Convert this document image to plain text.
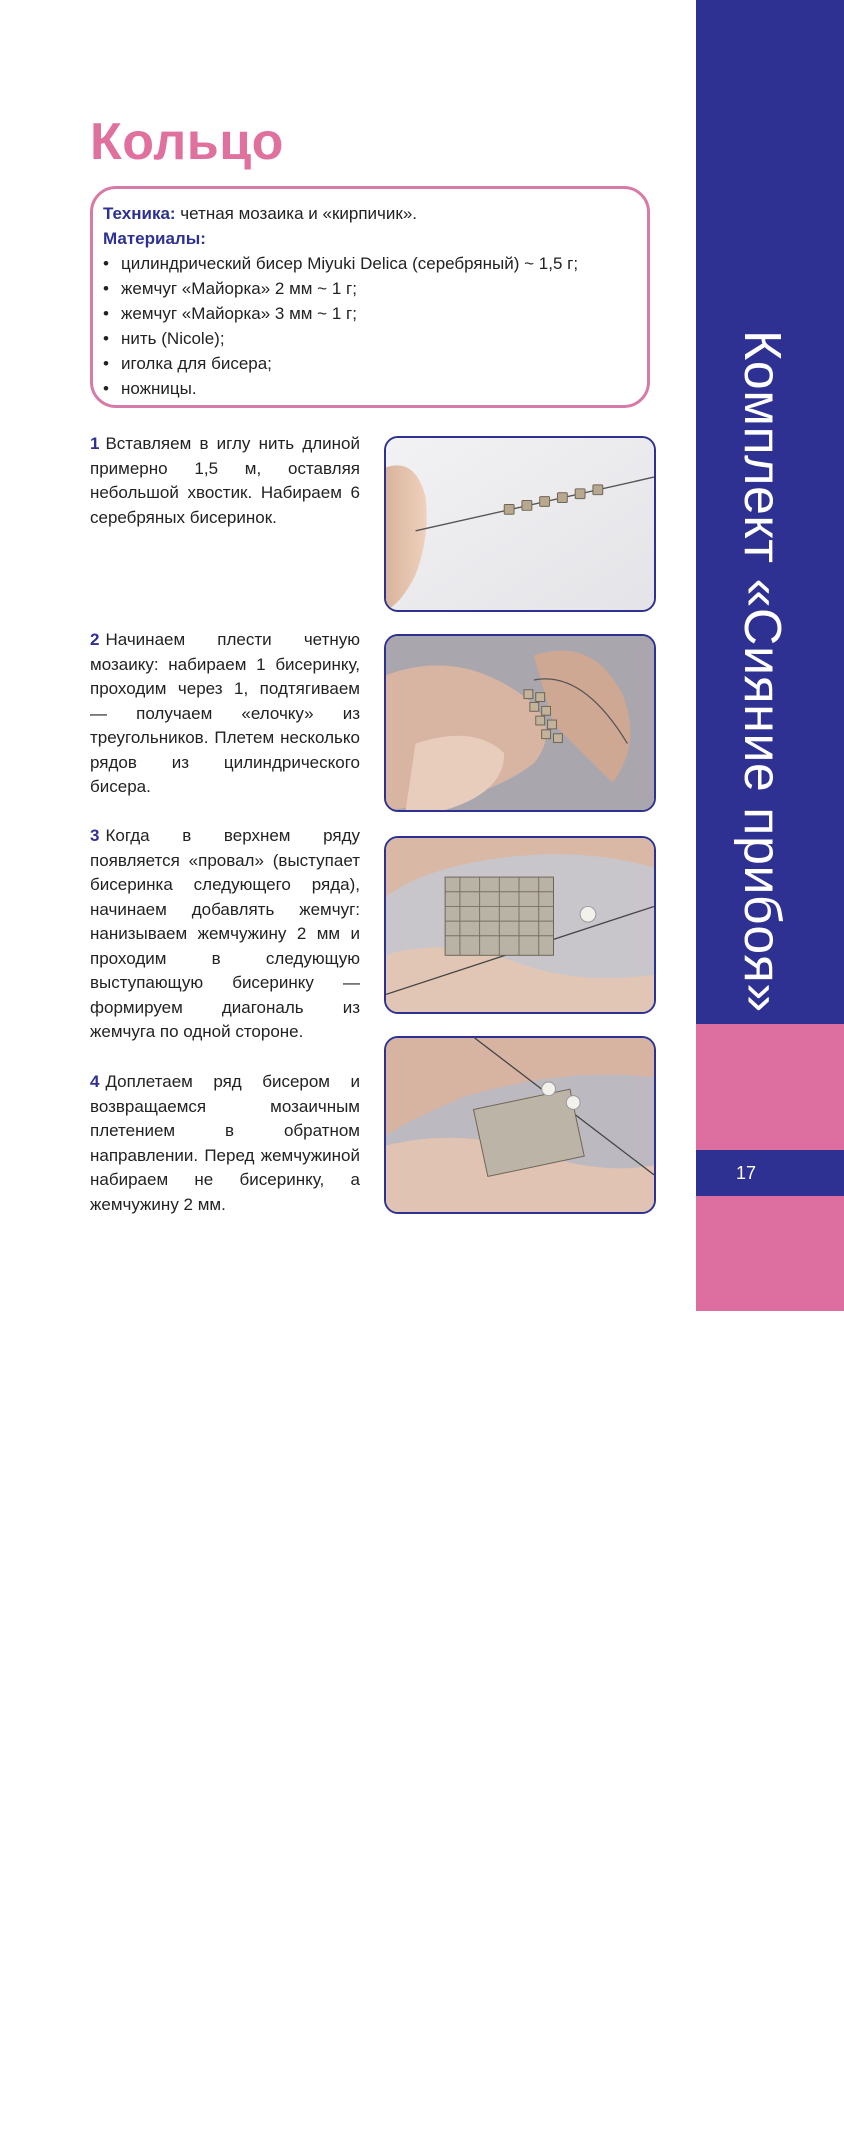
Кольцо
Техника: четная мозаика и «кирпичик».
Материалы:
• цилиндрический бисер Miyuki Delica (серебряный) ~ 1,5 г;
• жемчуг «Майорка» 2 мм ~ 1 г;
• жемчуг «Майорка» 3 мм ~ 1 г;
• нить (Nicole);
• иголка для бисера;
• ножницы.
1 Вставляем в иглу нить длиной примерно 1,5 м, оставляя небольшой хвостик. Набираем 6 серебряных бисеринок.
2 Начинаем плести четную мозаику: набираем 1 бисеринку, проходим через 1, подтягиваем — получаем «елочку» из треугольников. Плетем несколько рядов из цилиндрического бисера.
3 Когда в верхнем ряду появляется «провал» (выступает бисеринка следующего ряда), начинаем добавлять жемчуг: нанизываем жемчужину 2 мм и проходим в следующую выступающую бисеринку — формируем диагональ из жемчуга по одной стороне.
4 Доплетаем ряд бисером и возвращаемся мозаичным плетением в обратном направлении. Перед жемчужиной набираем не бисеринку, а жемчужину 2 мм.
Комплект «Сияние прибоя»
17
